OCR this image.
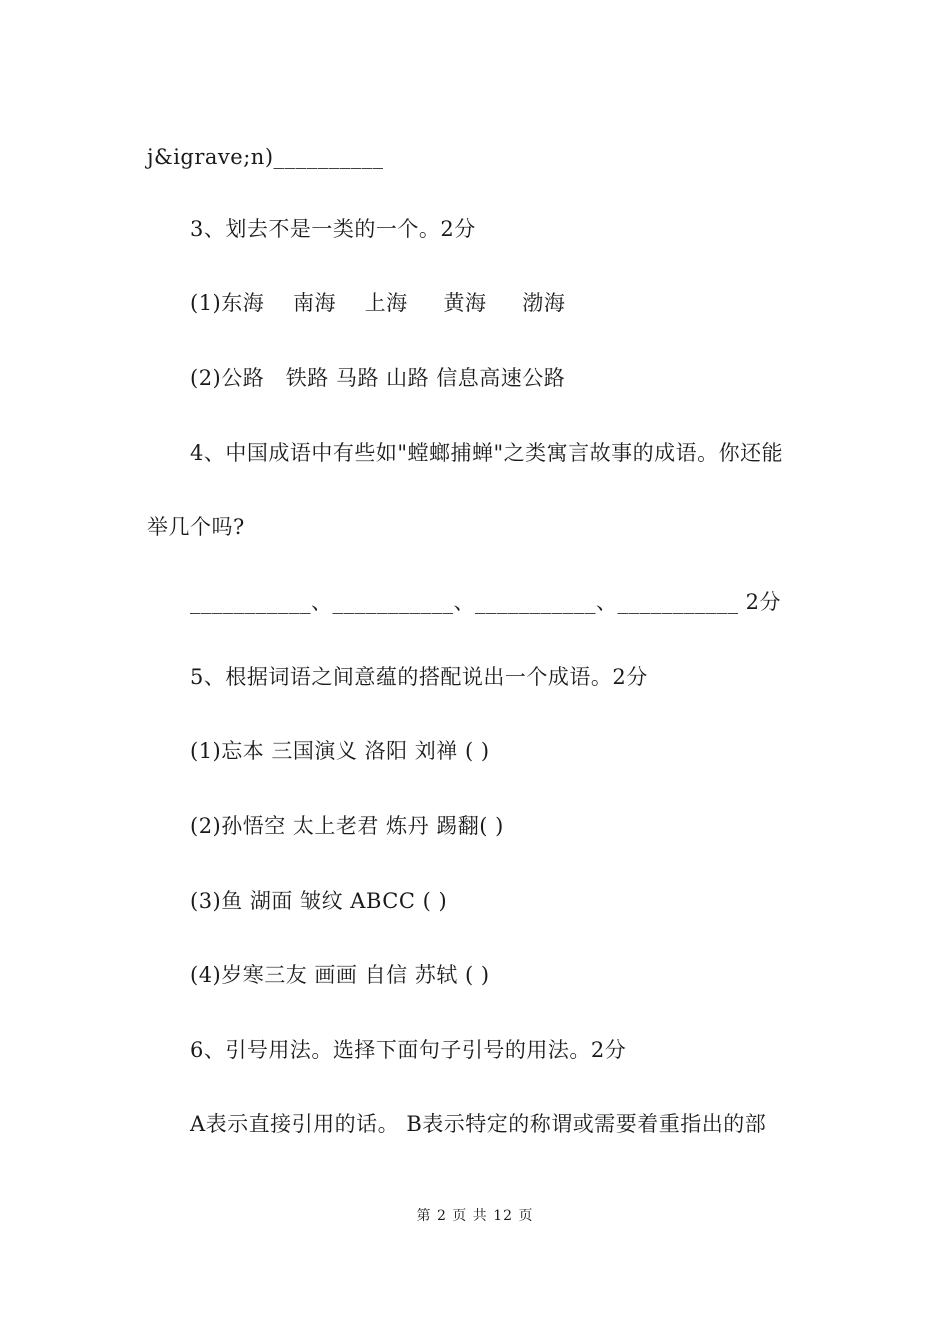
j&igrave;n)__________
3、划去不是一类的一个。2分
(1)东海    南海    上海     黄海     渤海
(2)公路   铁路 马路 山路 信息高速公路
4、中国成语中有些如"螳螂捕蝉"之类寓言故事的成语。你还能
举几个吗?
___________、___________、___________、___________ 2分
5、根据词语之间意蕴的搭配说出一个成语。2分
(1)忘本 三国演义 洛阳 刘禅 ( )
(2)孙悟空 太上老君 炼丹 踢翻( )
(3)鱼 湖面 皱纹 ABCC ( )
(4)岁寒三友 画画 自信 苏轼 ( )
6、引号用法。选择下面句子引号的用法。2分
A表示直接引用的话。 B表示特定的称谓或需要着重指出的部
第 2 页 共 12 页
